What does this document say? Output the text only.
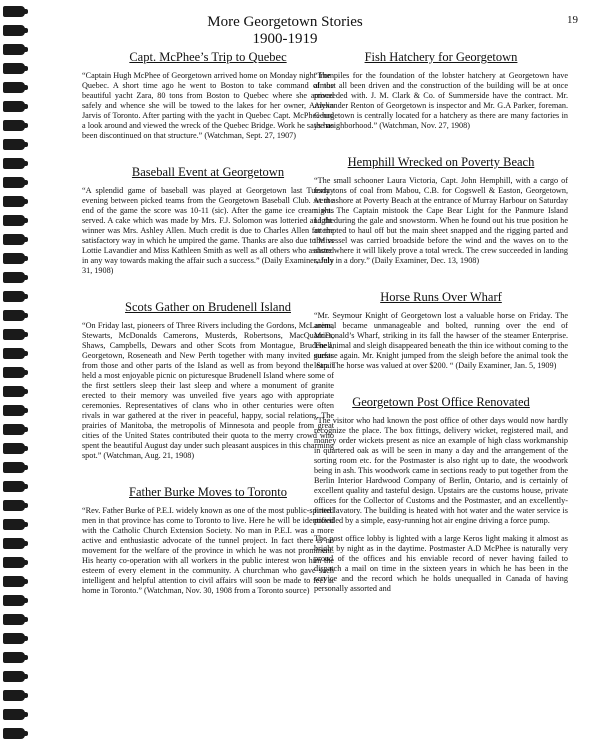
More Georgetown Stories
1900-1919
19
Capt. McPhee’s Trip to Quebec

“Captain Hugh McPhee of Georgetown arrived home on Monday night from Quebec. A short time ago he went to Boston to take command of the beautiful yacht Zara, 80 tons from Boston to Quebec where she arrived safely and whence she will be towed to the lakes for her owner, Amylin Jarvis of Toronto. After parting with the yacht in Quebec Capt. McPhee had a look around and viewed the wreck of the Quebec Bridge. Work he says has been discontinued on that structure.” (Watchman, Sept. 27, 1907)

Baseball Event at Georgetown

“A splendid game of baseball was played at Georgetown last Tuesday evening between picked teams from the Georgetown Baseball Club. At the end of the game the score was 10-11 (sic). After the game ice cream was served. A cake which was made by Mrs. F.J. Solomon was lotteried and the winner was Mrs. Ashley Allen. Much credit is due to Charles Allen for the satisfactory way in which he umpired the game. Thanks are also due to Miss Lottie Lavandier and Miss Kathleen Smith as well as all others who assisted in any way towards making the affair such a success.” (Daily Examiner, July 31, 1908)

Scots Gather on Brudenell Island

“On Friday last, pioneers of Three Rivers including the Gordons, McLarens, Stewarts, McDonalds Camerons, Musterds, Robertsons, MacQuarries, Shaws, Campbells, Dewars and other Scots from Montague, Brudenell, Georgetown, Roseneath and New Perth together with many invited guests from those and other parts of the Island as well as from beyond the Strait held a most enjoyable picnic on picturesque Brudenell Island where some of the first settlers sleep their last sleep and where a monument of granite erected to their memory was unveiled five years ago with appropriate ceremonies. Representatives of clans who in other centuries were often rivals in war gathered at the river in peaceful, happy, social relations. The prairies of Manitoba, the metropolis of Minnesota and people from great cities of the United States contributed their quota to the merry crowd who spent the beautiful August day under such pleasant auspices in this charming spot.” (Watchman, Aug. 21, 1908)

Father Burke Moves to Toronto

“Rev. Father Burke of P.E.I. widely known as one of the most public-spirited men in that province has come to Toronto to live. Here he will be identified with the Catholic Church Extension Society. No man in P.E.I. was a more active and enthusiastic advocate of the tunnel project. In fact there is no movement for the welfare of the province in which he was not prominent. His hearty co-operation with all workers in the public interest won him the esteem of every element in the community. A churchman who gave such intelligent and helpful attention to civil affairs will soon be made to feel at home in Toronto.” (Watchman, Nov. 30, 1908 from a Toronto source)

Fish Hatchery for Georgetown

“The piles for the foundation of the lobster hatchery at Georgetown have almost all been driven and the construction of the building will be at once proceeded with. J. M. Clark & Co. of Summerside have the contract. Mr. Alexander Renton of Georgetown is inspector and Mr. G.A Parker, foreman. Georgetown is centrally located for a hatchery as there are many factories in the neighborhood.” (Watchman, Nov. 27, 1908)

Hemphill Wrecked on Poverty Beach

“The small schooner Laura Victoria, Capt. John Hemphill, with a cargo of forty tons of coal from Mabou, C.B. for Cogswell & Easton, Georgetown, went ashore at Poverty Beach at the entrance of Murray Harbour on Saturday night. The Captain mistook the Cape Bear Light for the Panmure Island Light during the gale and snowstorm. When he found out his true position he attempted to haul off but the main sheet snapped and the rigging parted and the vessel was carried broadside before the wind and the waves on to the shore where it will likely prove a total wreck. The crew succeeded in landing safely in a dory.” (Daily Examiner, Dec. 13, 1908)

Horse Runs Over Wharf

“Mr. Seymour Knight of Georgetown lost a valuable horse on Friday. The animal became unmanageable and bolted, running over the end of McDonald’s Wharf, striking in its fall the hawser of the steamer Enterprise. The animal and sleigh disappeared beneath the thin ice without coming to the surface again. Mr. Knight jumped from the sleigh before the animal took the leap. The horse was valued at over $200. “ (Daily Examiner, Jan. 5, 1909)

Georgetown Post Office Renovated

“The visitor who had known the post office of other days would now hardly recognize the place. The box fittings, delivery wicket, registered mail, and money order wickets present as nice an example of high class workmanship in quartered oak as will be seen in many a day and the arrangement of the sorting room etc. for the Postmaster is also right up to date, the woodwork being in ash. This woodwork came in sections ready to put together from the Berlin Interior Hardwood Company of Berlin, Ontario, and is certainly of excellent quality and tasteful design. Upstairs are the customs house, private offices for the Collector of Customs and the Postmaster, and an excellently-fitted lavatory. The building is heated with hot water and the water service is provided by a simple, easy-running hot air engine driving a force pump.

The post office lobby is lighted with a large Keros light making it almost as bright by night as in the daytime. Postmaster A.D McPhee is naturally very proud of the offices and his enviable record of never having failed to dispatch a mail on time in the sixteen years in which he has been in the service and the record which he holds unequalled in Canada of having personally assorted and
